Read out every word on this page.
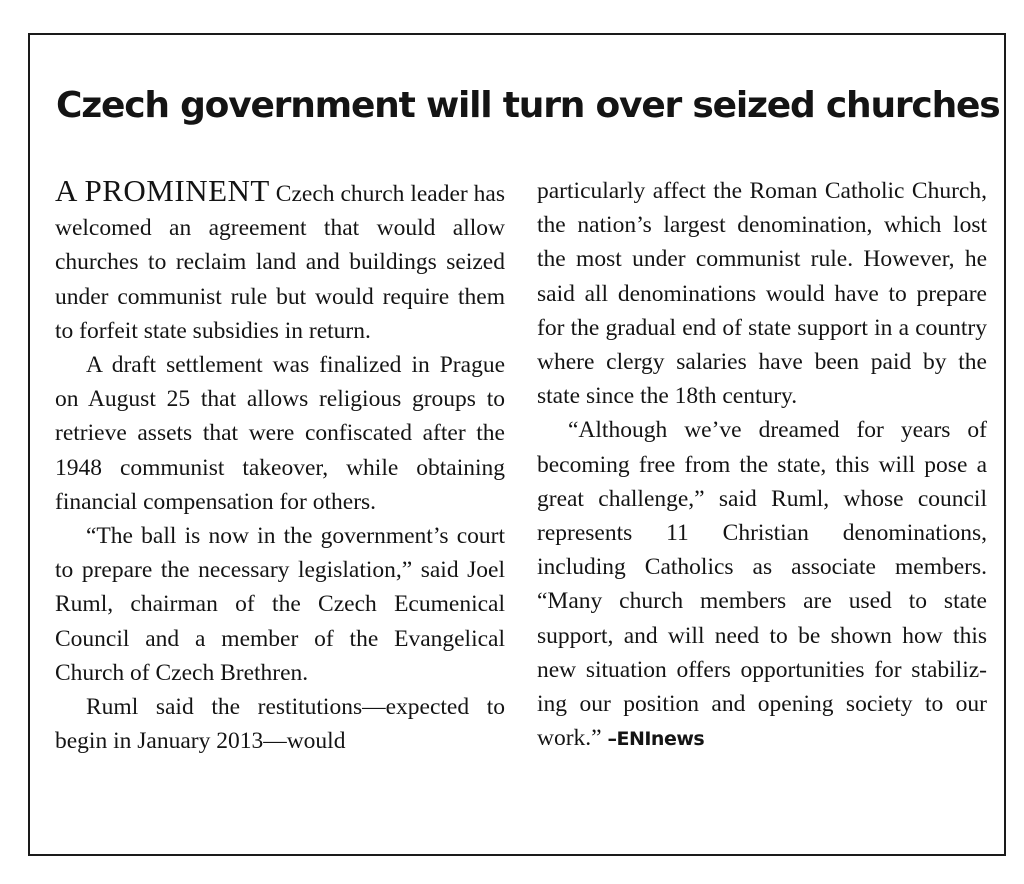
Czech government will turn over seized churches

A PROMINENT Czech church leader has welcomed an agreement that would allow churches to reclaim land and buildings seized under communist rule but would require them to forfeit state subsidies in return.

A draft settlement was finalized in Prague on August 25 that allows religious groups to retrieve assets that were confiscated after the 1948 communist takeover, while obtaining financial compensation for others.

“The ball is now in the government’s court to prepare the necessary legislation,” said Joel Ruml, chairman of the Czech Ecumenical Council and a member of the Evangelical Church of Czech Brethren.

Ruml said the restitutions—expected to begin in January 2013—would

particularly affect the Roman Catholic Church, the nation’s largest denomination, which lost the most under communist rule. However, he said all denominations would have to prepare for the gradual end of state support in a country where clergy salaries have been paid by the state since the 18th century.

“Although we’ve dreamed for years of becoming free from the state, this will pose a great challenge,” said Ruml, whose council represents 11 Christian denominations, including Catholics as associate members. “Many church members are used to state support, and will need to be shown how this new situation offers opportunities for stabilizing our position and opening society to our work.” –ENInews
